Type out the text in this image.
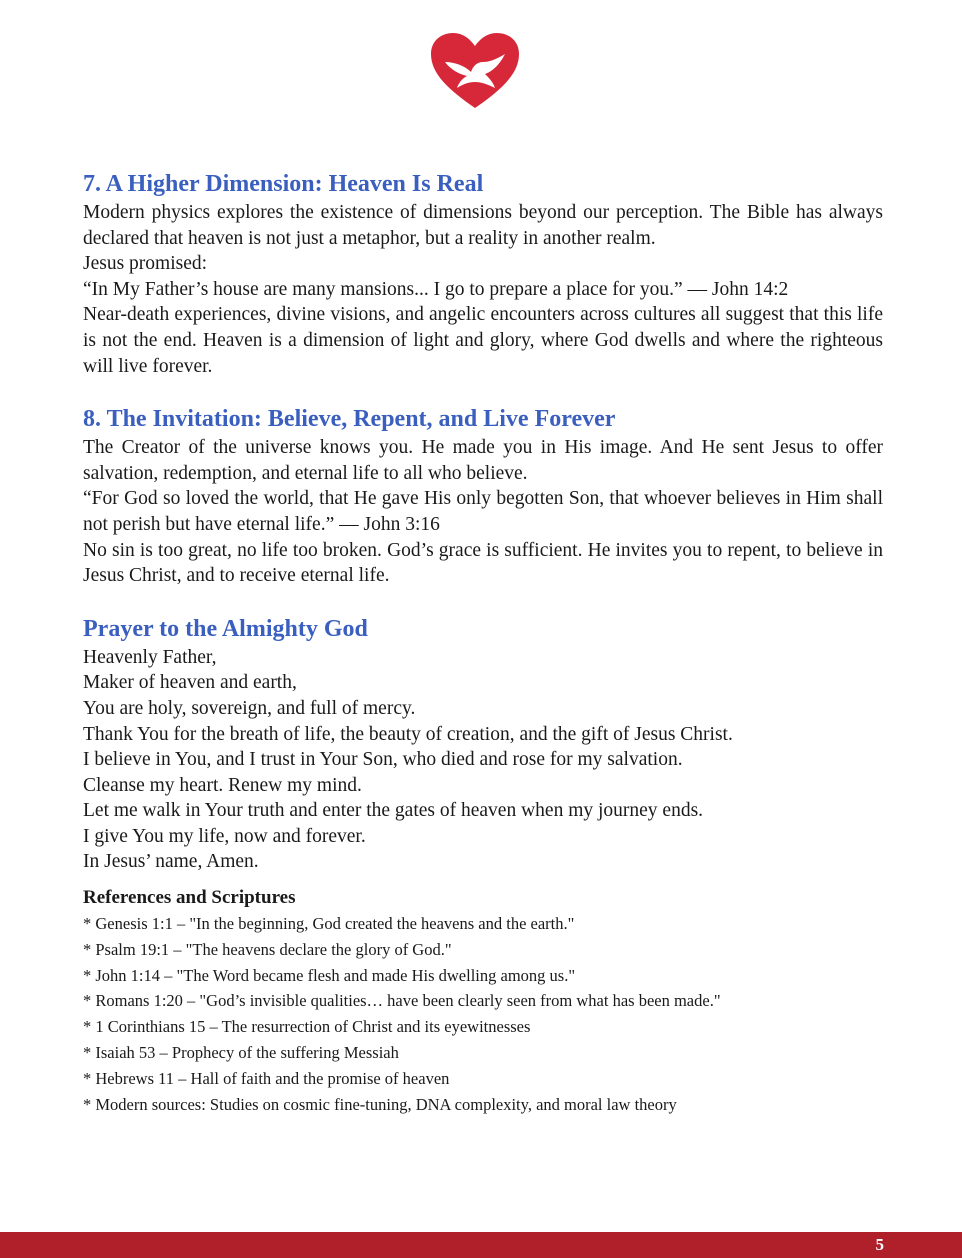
7. A Higher Dimension: Heaven Is Real

Modern physics explores the existence of dimensions beyond our perception. The Bible has always declared that heaven is not just a metaphor, but a reality in another realm.

Jesus promised:

“In My Father’s house are many mansions... I go to prepare a place for you.” — John 14:2

Near-death experiences, divine visions, and angelic encounters across cultures all suggest that this life is not the end. Heaven is a dimension of light and glory, where God dwells and where the righteous will live forever.

8. The Invitation: Believe, Repent, and Live Forever

The Creator of the universe knows you. He made you in His image. And He sent Jesus to offer salvation, redemption, and eternal life to all who believe.

“For God so loved the world, that He gave His only begotten Son, that whoever believes in Him shall not perish but have eternal life.” — John 3:16

No sin is too great, no life too broken. God’s grace is sufficient. He invites you to repent, to believe in Jesus Christ, and to receive eternal life.

Prayer to the Almighty God

Heavenly Father,

Maker of heaven and earth,

You are holy, sovereign, and full of mercy.

Thank You for the breath of life, the beauty of creation, and the gift of Jesus Christ.

I believe in You, and I trust in Your Son, who died and rose for my salvation.

Cleanse my heart. Renew my mind.

Let me walk in Your truth and enter the gates of heaven when my journey ends.

I give You my life, now and forever.

In Jesus’ name, Amen.

References and Scriptures

* Genesis 1:1 – "In the beginning, God created the heavens and the earth."

* Psalm 19:1 – "The heavens declare the glory of God."

* John 1:14 – "The Word became flesh and made His dwelling among us."

* Romans 1:20 – "God’s invisible qualities… have been clearly seen from what has been made."

* 1 Corinthians 15 – The resurrection of Christ and its eyewitnesses

* Isaiah 53 – Prophecy of the suffering Messiah

* Hebrews 11 – Hall of faith and the promise of heaven

* Modern sources: Studies on cosmic fine-tuning, DNA complexity, and moral law theory

5
